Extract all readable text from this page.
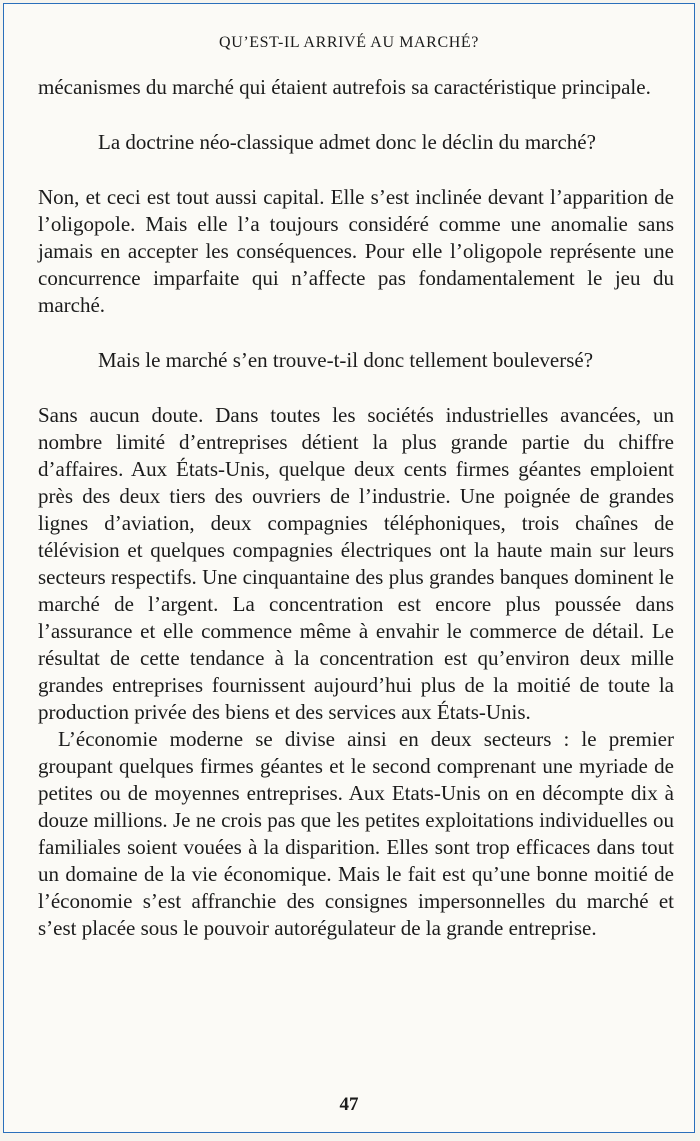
QU’EST-IL ARRIVÉ AU MARCHÉ?

mécanismes du marché qui étaient autrefois sa caractéristique principale.

La doctrine néo-classique admet donc le déclin du marché?

Non, et ceci est tout aussi capital. Elle s’est inclinée devant l’apparition de l’oligopole. Mais elle l’a toujours considéré comme une anomalie sans jamais en accepter les conséquences. Pour elle l’oligopole représente une concurrence imparfaite qui n’affecte pas fondamentalement le jeu du marché.

Mais le marché s’en trouve-t-il donc tellement bouleversé?

Sans aucun doute. Dans toutes les sociétés industrielles avancées, un nombre limité d’entreprises détient la plus grande partie du chiffre d’affaires. Aux États-Unis, quelque deux cents firmes géantes emploient près des deux tiers des ouvriers de l’industrie. Une poignée de grandes lignes d’aviation, deux compagnies téléphoniques, trois chaînes de télévision et quelques compagnies électriques ont la haute main sur leurs secteurs respectifs. Une cinquantaine des plus grandes banques dominent le marché de l’argent. La concentration est encore plus poussée dans l’assurance et elle commence même à envahir le commerce de détail. Le résultat de cette tendance à la concentration est qu’environ deux mille grandes entreprises fournissent aujourd’hui plus de la moitié de toute la production privée des biens et des services aux États-Unis.

L’économie moderne se divise ainsi en deux secteurs : le premier groupant quelques firmes géantes et le second comprenant une myriade de petites ou de moyennes entreprises. Aux Etats-Unis on en décompte dix à douze millions. Je ne crois pas que les petites exploitations individuelles ou familiales soient vouées à la disparition. Elles sont trop efficaces dans tout un domaine de la vie économique. Mais le fait est qu’une bonne moitié de l’économie s’est affranchie des consignes impersonnelles du marché et s’est placée sous le pouvoir autorégulateur de la grande entreprise.

47
